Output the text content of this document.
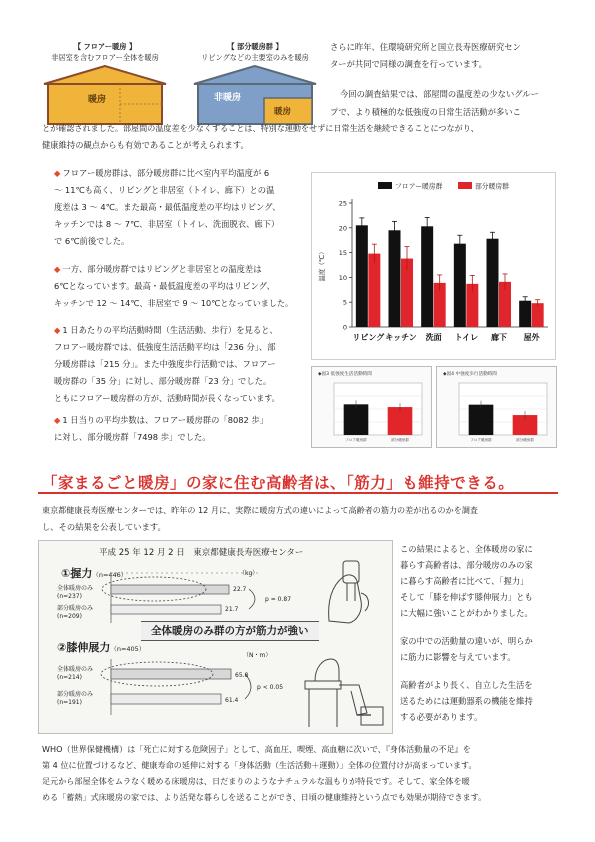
【 フロアー暖房 】
非居室を含むフロアー全体を暖房
暖房
【 部分暖房群 】
リビングなどの主要室のみを暖房
非暖房
暖房
さらに昨年、住環境研究所と国立長寿医療研究セン
ターが共同で同様の調査を行っています。
今回の調査結果では、部屋間の温度差の少ないグルー
プで、より積極的な低強度の日常生活活動が多いこ
とが確認されました。部屋間の温度差を少なくすることは、特別な運動をせずに日常生活を継続できることにつながり、
健康維持の観点からも有効であることが考えられます。
◆ フロアー暖房群は、部分暖房群に比べ室内平均温度が 6
〜 11℃も高く、リビングと非居室（トイレ、廊下）との温
度差は 3 〜 4℃。また最高・最低温度差の平均はリビング、
キッチンでは 8 〜 7℃、非居室（トイレ、洗面脱衣、廊下）
で 6℃前後でした。
◆ 一方、部分暖房群ではリビングと非居室との温度差は
6℃となっています。最高・最低温度差の平均はリビング、
キッチンで 12 〜 14℃、非居室で 9 〜 10℃となっていました。
◆ 1 日あたりの平均活動時間（生活活動、歩行）を見ると、
フロアー暖房群では、低強度生活活動平均は「236 分」、部
分暖房群は「215 分」。また中強度歩行活動では、フロアー
暖房群の「35 分」に対し、部分暖房群「23 分」でした。
ともにフロアー暖房群の方が、活動時間が長くなっています。
◆ 1 日当りの平均歩数は、フロアー暖房群の「8082 歩」
に対し、部分暖房群「7498 歩」でした。
フロアー暖房群	部分暖房群
0
5
10
15
20
25
温度（℃）
リビング キッチン 洗面 トイレ 廊下 屋外
◆図3 低強度生活活動時間
フロア暖房群	部分暖房群
◆図4 中強度歩行活動時間
フロア暖房群	部分暖房群
「家まるごと暖房」の家に住む高齢者は、「筋力」も維持できる。
東京都健康長寿医療センターでは、昨年の 12 月に、実際に暖房方式の違いによって高齢者の筋力の差が出るのかを調査
し、その結果を公表しています。
平成 25 年 12 月 2 日　東京都健康長寿医療センター
①握力（n=446）	（kg）
全体暖房のみ
(n=237)
部分暖房のみ
(n=209)
22.7
21.7
p = 0.87
全体暖房のみ群の方が筋力が強い
②膝伸展力（n=405）
（N・m）
全体暖房のみ
(n=214)
部分暖房のみ
(n=191)
65.8
61.4
p < 0.05
この結果によると、全体暖房の家に
暮らす高齢者は、部分暖房のみの家
に暮らす高齢者に比べて、「握力」
そして「膝を伸ばす膝伸展力」とも
に大幅に強いことがわかりました。
家の中での活動量の違いが、明らか
に筋力に影響を与えています。
高齢者がより長く、自立した生活を
送るためには運動器系の機能を維持
する必要があります。
WHO（世界保健機構）は「死亡に対する危険因子」として、高血圧、喫煙、高血糖に次いで、『身体活動量の不足』を
第 4 位に位置づけるなど、健康寿命の延伸に対する「身体活動（生活活動＋運動）」全体の位置付けが高まっています。
足元から部屋全体をムラなく暖める床暖房は、日だまりのようなナチュラルな温もりが特長です。そして、家全体を暖
める「蓄熱」式床暖房の家では、より活発な暮らしを送ることができ、日頃の健康維持という点でも効果が期待できます。
